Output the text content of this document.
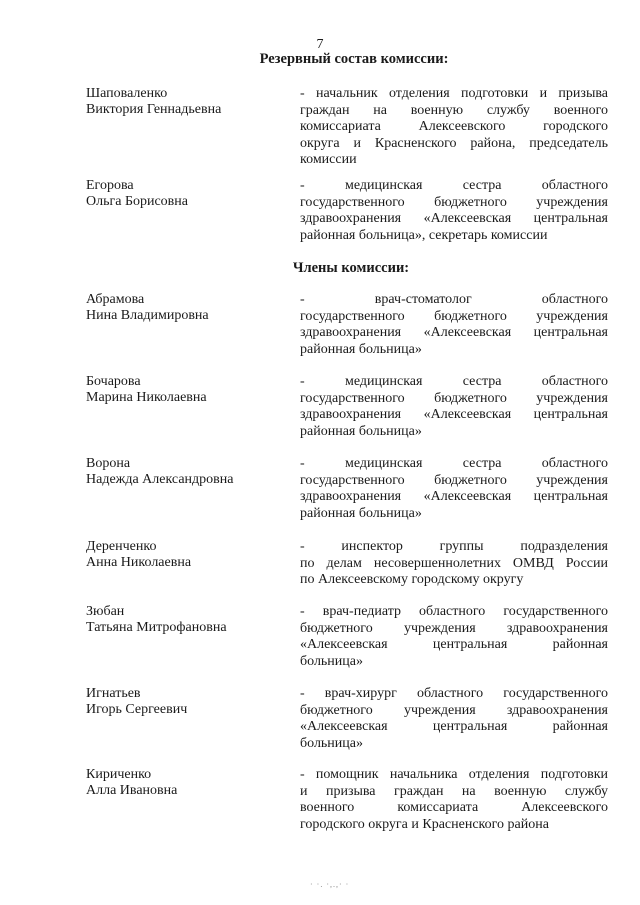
7
Резервный состав комиссии:
Шаповаленко
Виктория Геннадьевна
- начальник отделения подготовки и призыва
граждан на военную службу военного
комиссариата Алексеевского городского
округа и Красненского района, председатель
комиссии
Егорова
Ольга Борисовна
- медицинская сестра областного
государственного бюджетного учреждения
здравоохранения «Алексеевская центральная
районная больница», секретарь комиссии
Члены комиссии:
Абрамова
Нина Владимировна
- врач-стоматолог областного
государственного бюджетного учреждения
здравоохранения «Алексеевская центральная
районная больница»
Бочарова
Марина Николаевна
- медицинская сестра областного
государственного бюджетного учреждения
здравоохранения «Алексеевская центральная
районная больница»
Ворона
Надежда Александровна
- медицинская сестра областного
государственного бюджетного учреждения
здравоохранения «Алексеевская центральная
районная больница»
Деренченко
Анна Николаевна
- инспектор группы подразделения
по делам несовершеннолетних ОМВД России
по Алексеевскому городскому округу
Зюбан
Татьяна Митрофановна
- врач-педиатр областного государственного
бюджетного учреждения здравоохранения
«Алексеевская центральная районная
больница»
Игнатьев
Игорь Сергеевич
- врач-хирург областного государственного
бюджетного учреждения здравоохранения
«Алексеевская центральная районная
больница»
Кириченко
Алла Ивановна
- помощник начальника отделения подготовки
и призыва граждан на военную службу
военного комиссариата Алексеевского
городского округа и Красненского района
· ·. ·,.,· ·
